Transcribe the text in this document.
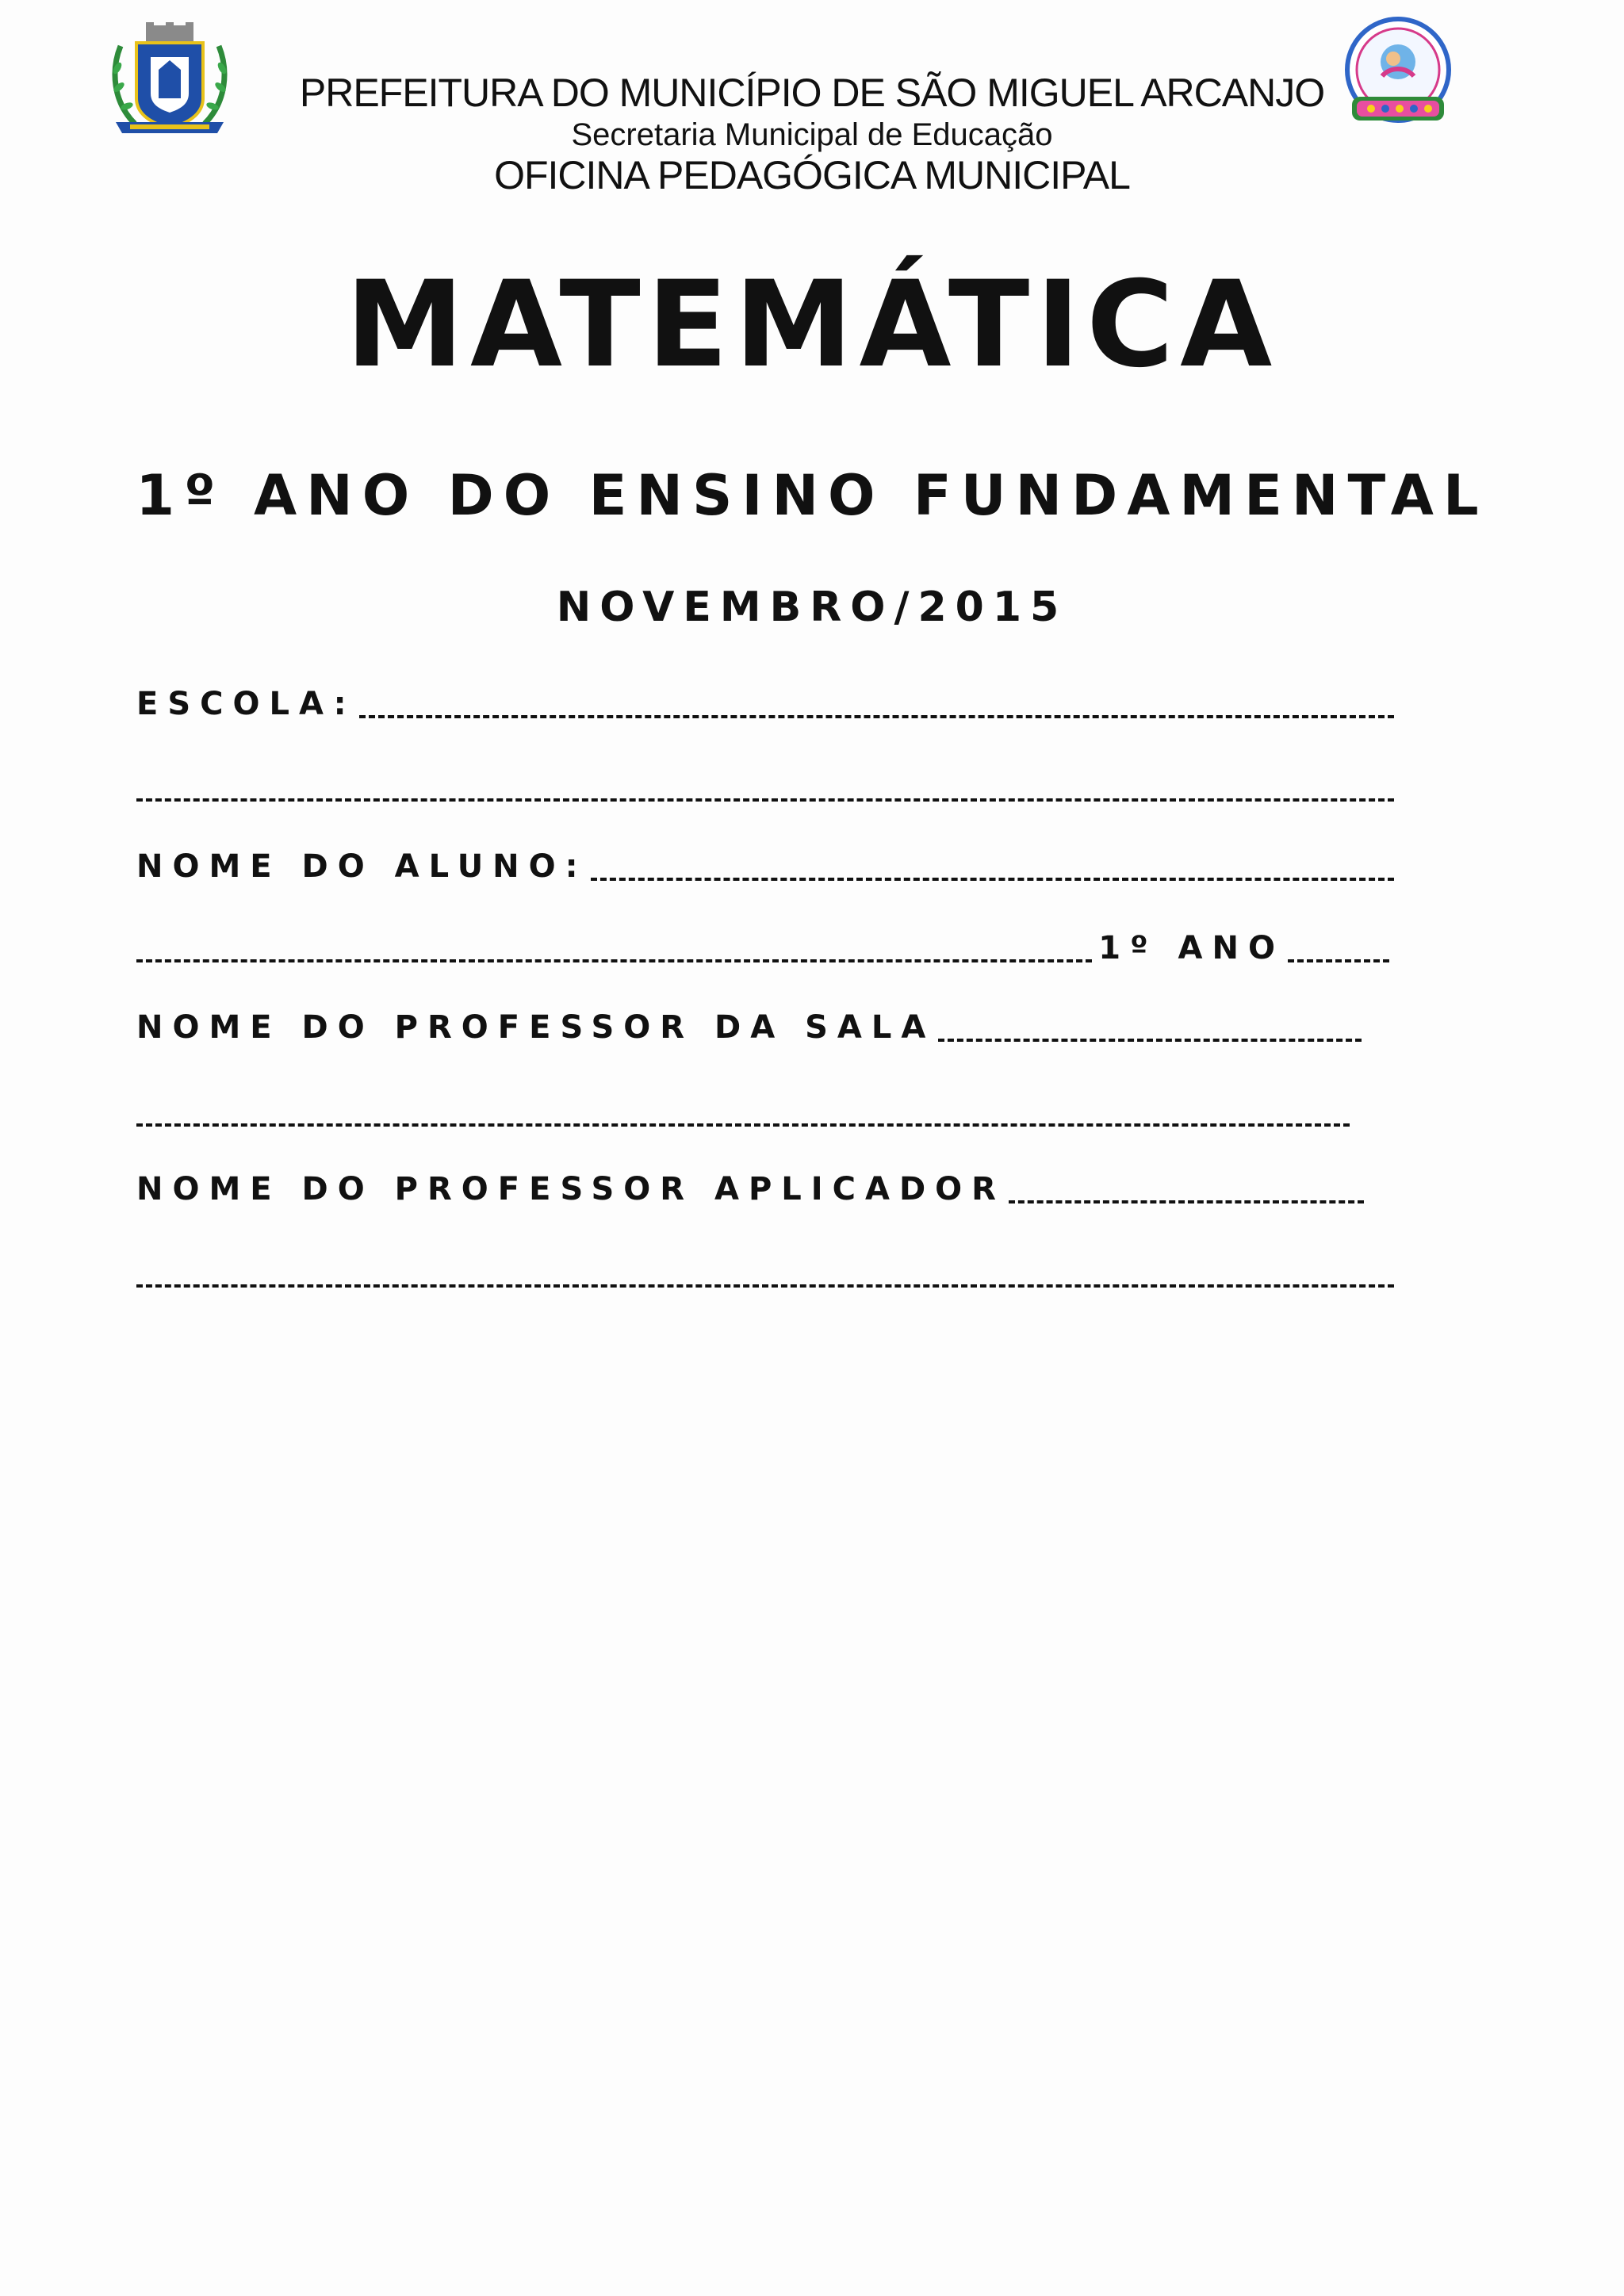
PREFEITURA DO MUNICÍPIO DE SÃO MIGUEL ARCANJO
Secretaria Municipal de Educação
OFICINA PEDAGÓGICA MUNICIPAL
MATEMÁTICA
1º ANO DO ENSINO FUNDAMENTAL
NOVEMBRO/2015
ESCOLA:
NOME DO ALUNO:
1º ANO
NOME DO PROFESSOR DA SALA
NOME DO PROFESSOR APLICADOR
